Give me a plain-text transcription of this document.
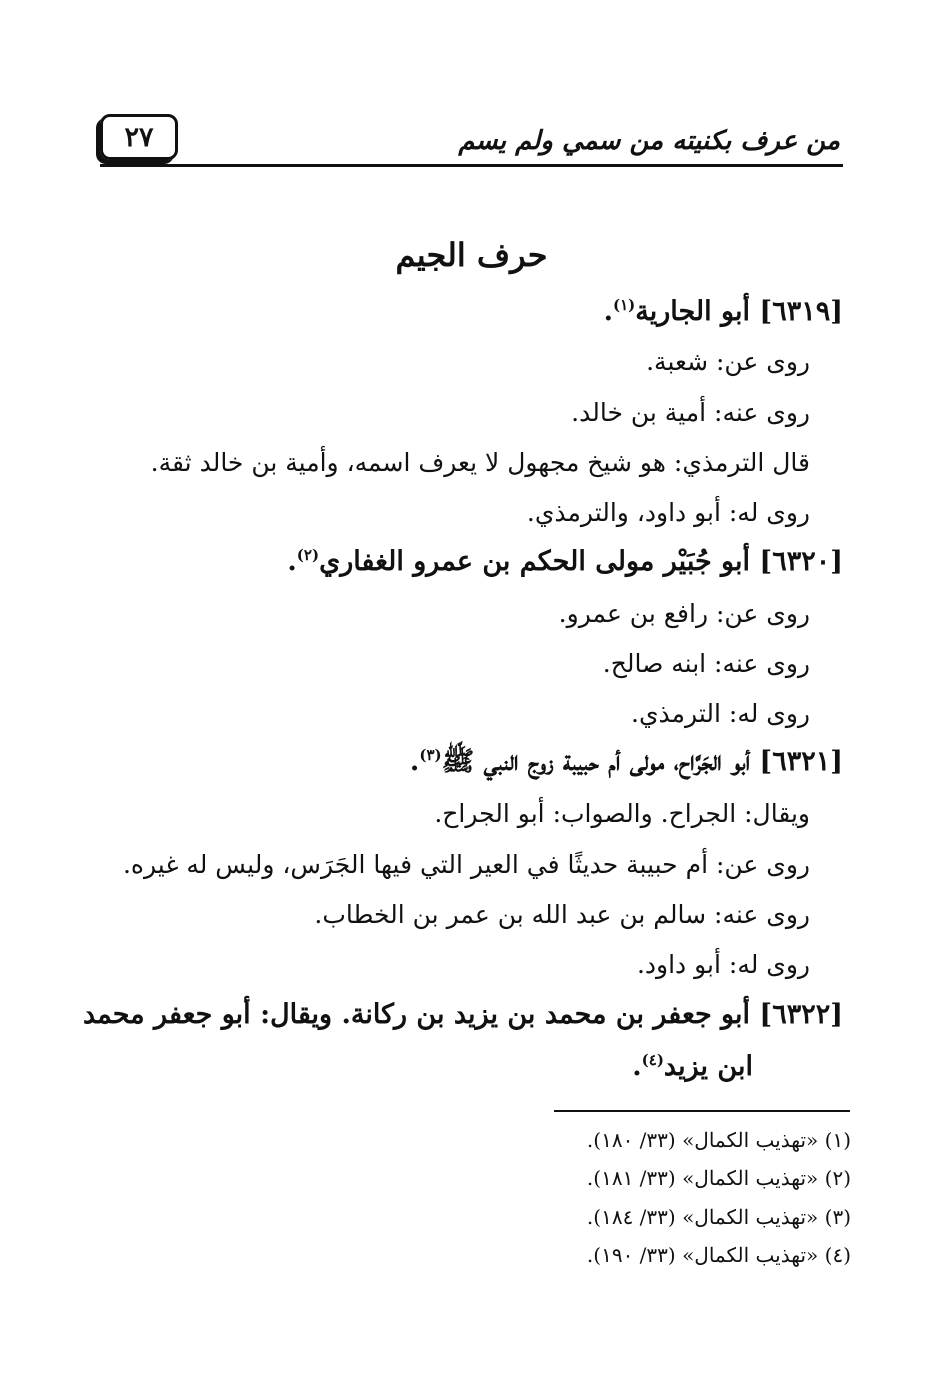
من عرف بكنيته من سمي ولم يسم
٢٧
حرف الجيم
[٦٣١٩] أبو الجارية$^{(١)}$.
روى عن: شعبة.
روى عنه: أمية بن خالد.
قال الترمذي: هو شيخ مجهول لا يعرف اسمه، وأمية بن خالد ثقة.
روى له: أبو داود، والترمذي.
[٦٣٢٠] أبو جُبَيْر مولى الحكم بن عمرو الغفاري$^{(٢)}$.
روى عن: رافع بن عمرو.
روى عنه: ابنه صالح.
روى له: الترمذي.
[٦٣٢١] أبو الجَرَّاح، مولى أم حبيبة زوج النبي ﷺ$^{(٣)}$.
ويقال: الجراح. والصواب: أبو الجراح.
روى عن: أم حبيبة حديثًا في العير التي فيها الجَرَس، وليس له غيره.
روى عنه: سالم بن عبد الله بن عمر بن الخطاب.
روى له: أبو داود.
[٦٣٢٢] أبو جعفر بن محمد بن يزيد بن ركانة. ويقال: أبو جعفر محمد
ابن يزيد$^{(٤)}$.
(١) «تهذيب الكمال» (٣٣/ ١٨٠).
(٢) «تهذيب الكمال» (٣٣/ ١٨١).
(٣) «تهذيب الكمال» (٣٣/ ١٨٤).
(٤) «تهذيب الكمال» (٣٣/ ١٩٠).
